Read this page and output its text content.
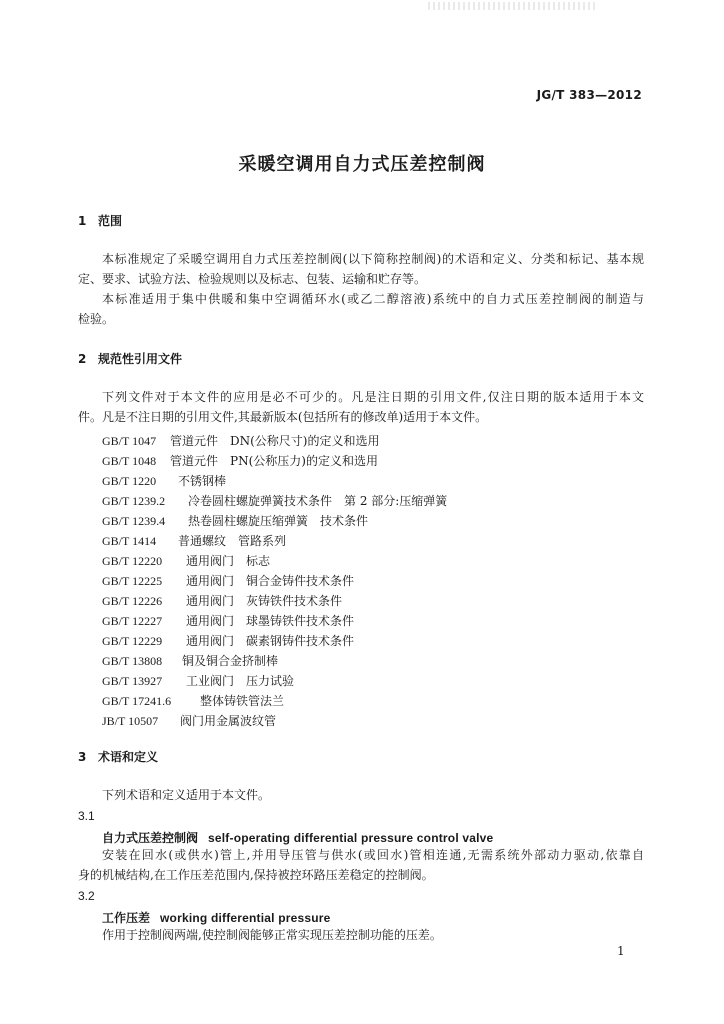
JG/T 383—2012
采暖空调用自力式压差控制阀
1 范围
本标准规定了采暖空调用自力式压差控制阀(以下简称控制阀)的术语和定义、分类和标记、基本规
定、要求、试验方法、检验规则以及标志、包装、运输和贮存等。
本标准适用于集中供暖和集中空调循环水(或乙二醇溶液)系统中的自力式压差控制阀的制造与
检验。
2 规范性引用文件
下列文件对于本文件的应用是必不可少的。凡是注日期的引用文件,仅注日期的版本适用于本文
件。凡是不注日期的引用文件,其最新版本(包括所有的修改单)适用于本文件。
GB/T 1047 管道元件　DN(公称尺寸)的定义和选用
GB/T 1048 管道元件　PN(公称压力)的定义和选用
GB/T 1220 不锈钢棒
GB/T 1239.2 冷卷圆柱螺旋弹簧技术条件　第 2 部分:压缩弹簧
GB/T 1239.4 热卷圆柱螺旋压缩弹簧　技术条件
GB/T 1414 普通螺纹　管路系列
GB/T 12220 通用阀门　标志
GB/T 12225 通用阀门　铜合金铸件技术条件
GB/T 12226 通用阀门　灰铸铁件技术条件
GB/T 12227 通用阀门　球墨铸铁件技术条件
GB/T 12229 通用阀门　碳素钢铸件技术条件
GB/T 13808 铜及铜合金挤制棒
GB/T 13927 工业阀门　压力试验
GB/T 17241.6 整体铸铁管法兰
JB/T 10507 阀门用金属波纹管
3 术语和定义
下列术语和定义适用于本文件。
3.1
自力式压差控制阀 self-operating differential pressure control valve
安装在回水(或供水)管上,并用导压管与供水(或回水)管相连通,无需系统外部动力驱动,依靠自
身的机械结构,在工作压差范围内,保持被控环路压差稳定的控制阀。
3.2
工作压差 working differential pressure
作用于控制阀两端,使控制阀能够正常实现压差控制功能的压差。
1
